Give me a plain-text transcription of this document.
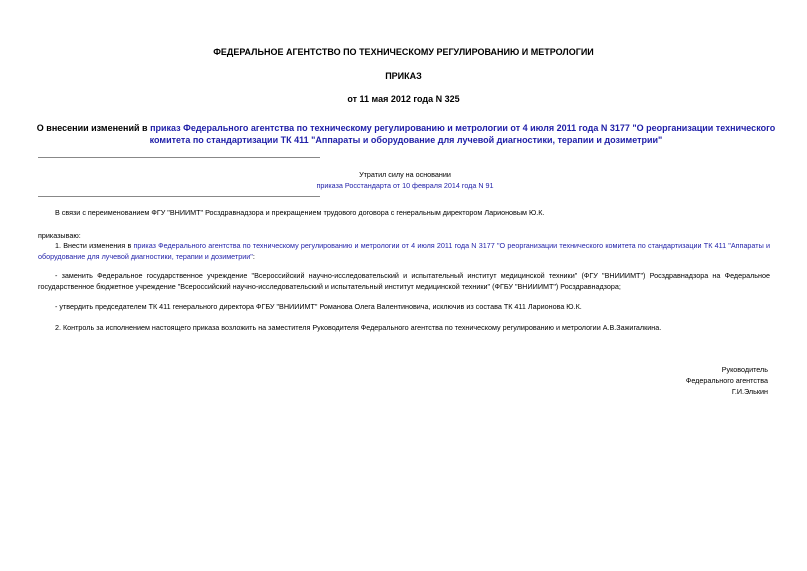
ФЕДЕРАЛЬНОЕ АГЕНТСТВО ПО ТЕХНИЧЕСКОМУ РЕГУЛИРОВАНИЮ И МЕТРОЛОГИИ
ПРИКАЗ
от 11 мая 2012 года N 325
О внесении изменений в приказ Федерального агентства по техническому регулированию и метрологии от 4 июля 2011 года N 3177 "О реорганизации технического комитета по стандартизации ТК 411 "Аппараты и оборудование для лучевой диагностики, терапии и дозиметрии"
Утратил силу на основании
приказа Росстандарта от 10 февраля 2014 года N 91
В связи с переименованием ФГУ "ВНИИМТ" Росздравнадзора и прекращением трудового договора с генеральным директором Ларионовым Ю.К.
приказываю:
1. Внести изменения в приказ Федерального агентства по техническому регулированию и метрологии от 4 июля 2011 года N 3177 "О реорганизации технического комитета по стандартизации ТК 411 "Аппараты и оборудование для лучевой диагностики, терапии и дозиметрии":
- заменить Федеральное государственное учреждение "Всероссийский научно-исследовательский и испытательный институт медицинской техники" (ФГУ "ВНИИИМТ") Росздравнадзора на Федеральное государственное бюджетное учреждение "Всероссийский научно-исследовательский и испытательный институт медицинской техники" (ФГБУ "ВНИИИМТ") Росздравнадзора;
- утвердить председателем ТК 411 генерального директора ФГБУ "ВНИИИМТ" Романова Олега Валентиновича, исключив из состава ТК 411 Ларионова Ю.К.
2. Контроль за исполнением настоящего приказа возложить на заместителя Руководителя Федерального агентства по техническому регулированию и метрологии А.В.Зажигалкина.
Руководитель
Федерального агентства
Г.И.Элькин
